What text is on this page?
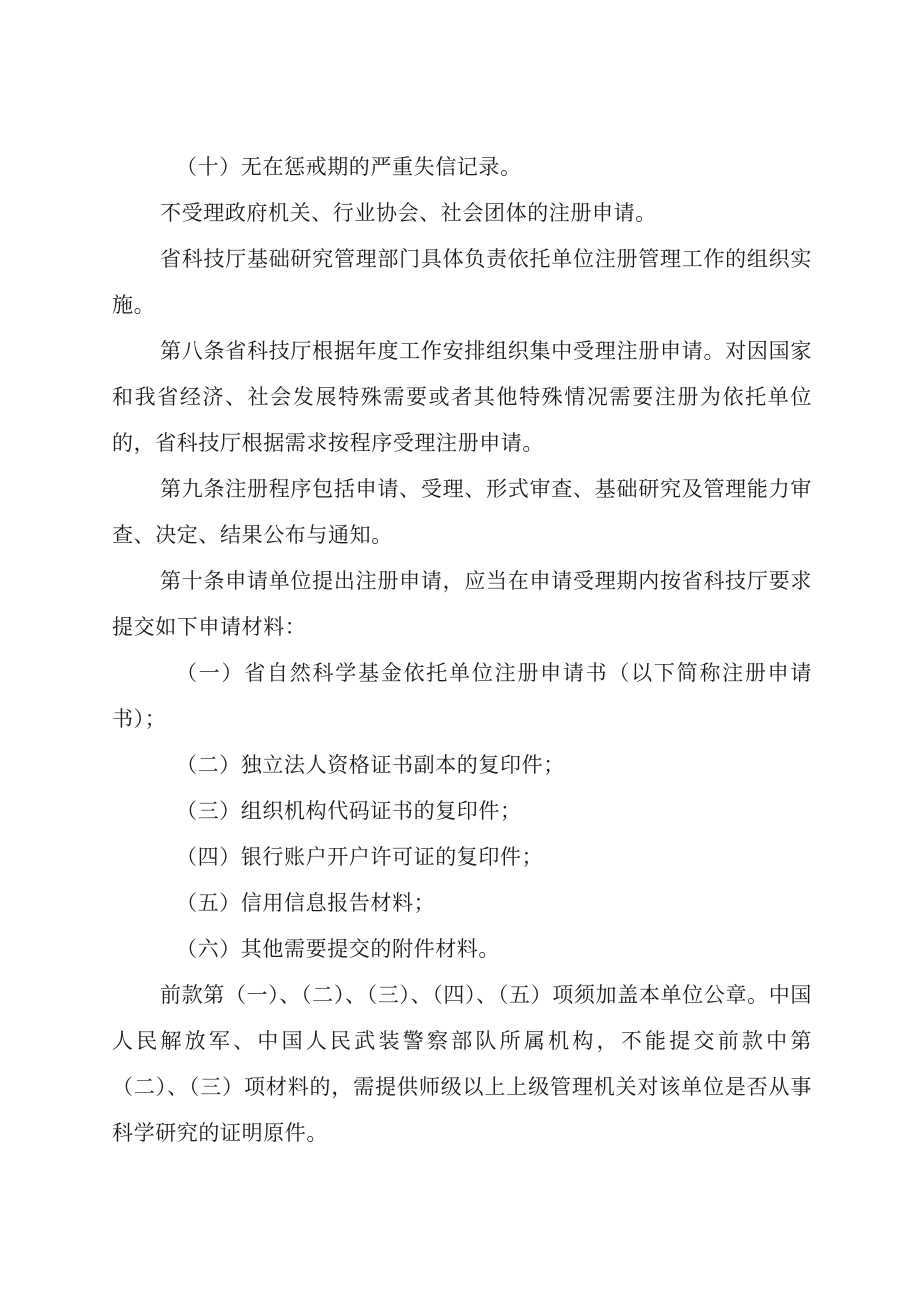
（十）无在惩戒期的严重失信记录。

不受理政府机关、行业协会、社会团体的注册申请。

省科技厅基础研究管理部门具体负责依托单位注册管理工作的组织实施。

第八条省科技厅根据年度工作安排组织集中受理注册申请。对因国家和我省经济、社会发展特殊需要或者其他特殊情况需要注册为依托单位的，省科技厅根据需求按程序受理注册申请。

第九条注册程序包括申请、受理、形式审查、基础研究及管理能力审查、决定、结果公布与通知。

第十条申请单位提出注册申请，应当在申请受理期内按省科技厅要求提交如下申请材料：

（一）省自然科学基金依托单位注册申请书（以下简称注册申请书）；

（二）独立法人资格证书副本的复印件；

（三）组织机构代码证书的复印件；

（四）银行账户开户许可证的复印件；

（五）信用信息报告材料；

（六）其他需要提交的附件材料。

前款第（一）、（二）、（三）、（四）、（五）项须加盖本单位公章。中国人民解放军、中国人民武装警察部队所属机构，不能提交前款中第（二）、（三）项材料的，需提供师级以上上级管理机关对该单位是否从事科学研究的证明原件。
